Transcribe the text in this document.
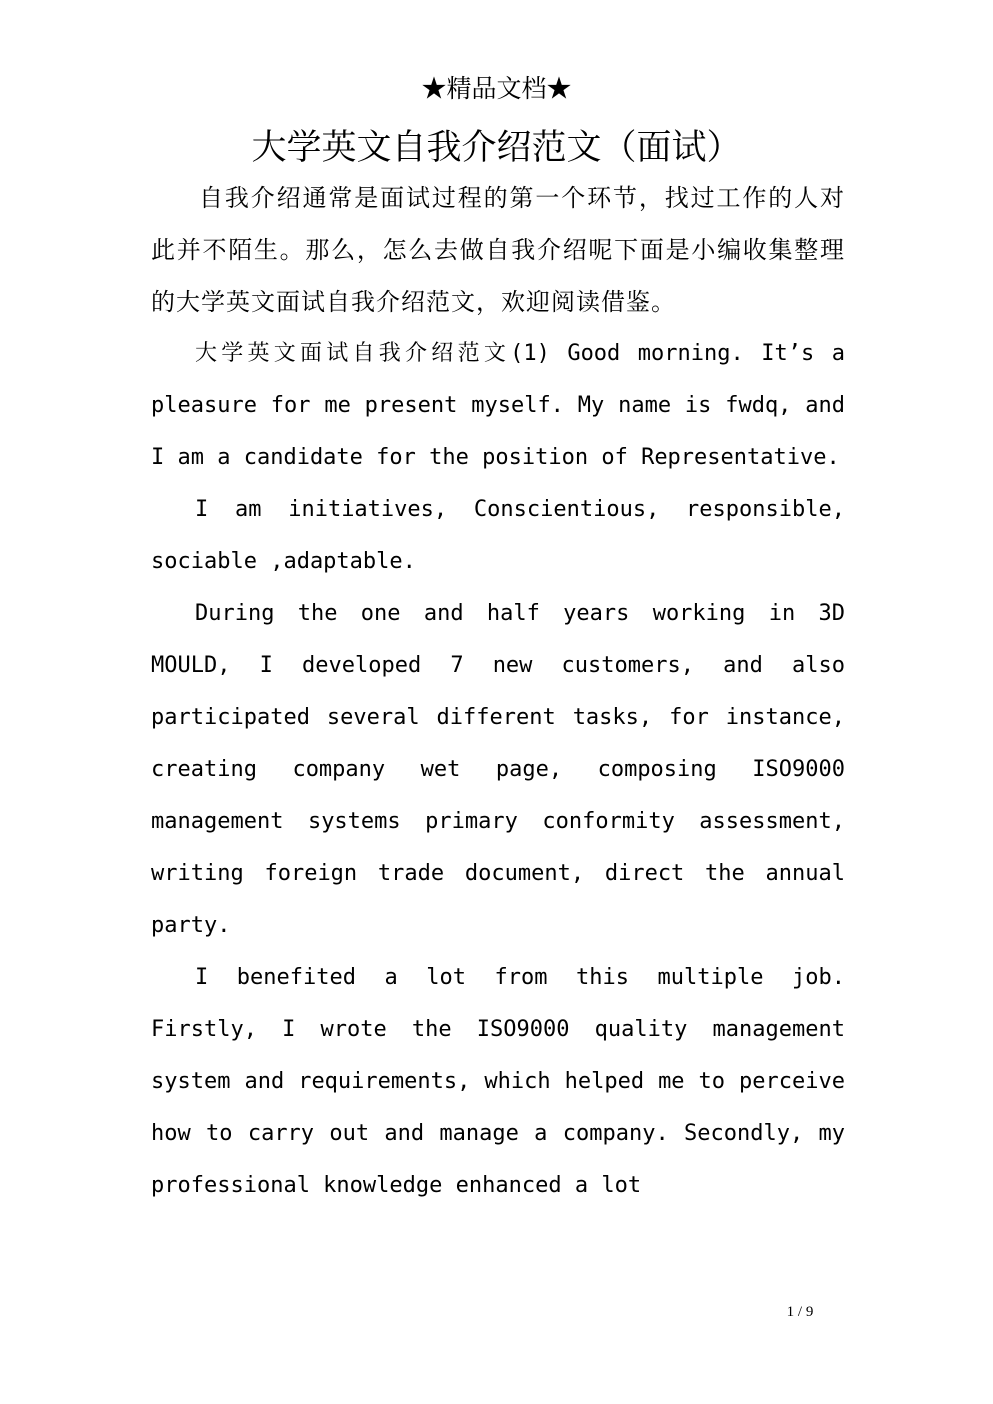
★精品文档★
大学英文自我介绍范文（面试）

自我介绍通常是面试过程的第一个环节，找过工作的人对此并不陌生。那么，怎么去做自我介绍呢下面是小编收集整理的大学英文面试自我介绍范文，欢迎阅读借鉴。

大学英文面试自我介绍范文(1) Good morning. It’s a pleasure for me present myself. My name is fwdq, and I am a candidate for the position of Representative.

I am initiatives, Conscientious, responsible, sociable ,adaptable.

During the one and half years working in 3D MOULD, I developed 7 new customers, and also participated several different tasks, for instance, creating company wet page, composing ISO9000 management systems primary conformity assessment, writing foreign trade document, direct the annual party.

I benefited a lot from this multiple job. Firstly, I wrote the ISO9000 quality management system and requirements, which helped me to perceive how to carry out and manage a company. Secondly, my professional knowledge enhanced a lot

1 / 9
